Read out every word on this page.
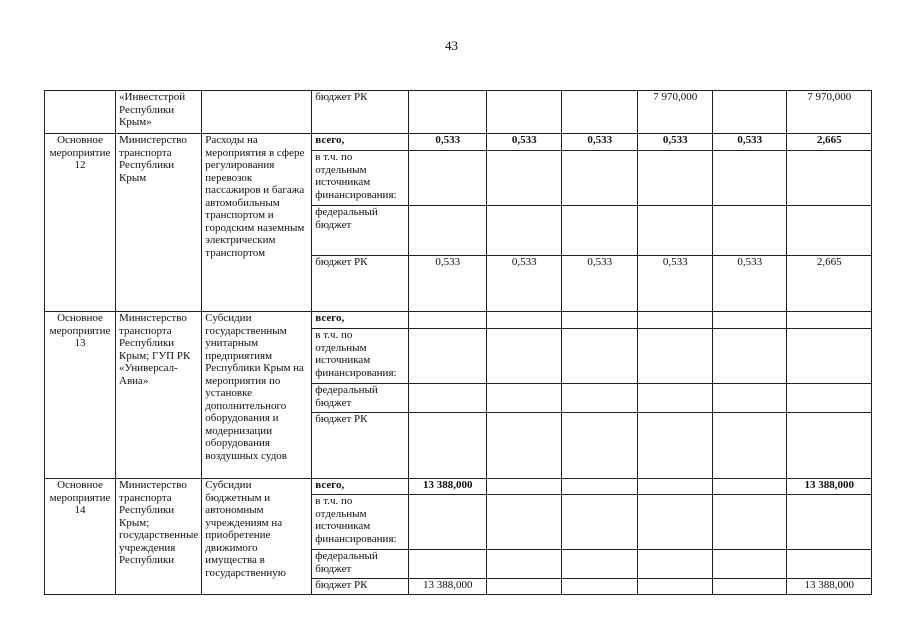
43
	«Инвестстрой Республики Крым»		бюджет РК				7 970,000		7 970,000
Основное мероприятие 12	Министерство транспорта Республики Крым	Расходы на мероприятия в сфере регулирования перевозок пассажиров и багажа автомобильным транспортом и городским наземным электрическим транспортом	всего,	0,533	0,533	0,533	0,533	0,533	2,665
			в т.ч. по отдельным источникам финансирования:						
			федеральный бюджет						
			бюджет РК	0,533	0,533	0,533	0,533	0,533	2,665
Основное мероприятие 13	Министерство транспорта Республики Крым; ГУП РК «Универсал-Авиа»	Субсидии государственным унитарным предприятиям Республики Крым на мероприятия по установке дополнительного оборудования и модернизации оборудования воздушных судов	всего,						
			в т.ч. по отдельным источникам финансирования:						
			федеральный бюджет						
			бюджет РК						
Основное мероприятие 14	Министерство транспорта Республики Крым; государственные учреждения Республики	Субсидии бюджетным и автономным учреждениям на приобретение движимого имущества в государственную	всего,	13 388,000					13 388,000
			в т.ч. по отдельным источникам финансирования:						
			федеральный бюджет						
			бюджет РК	13 388,000					13 388,000
